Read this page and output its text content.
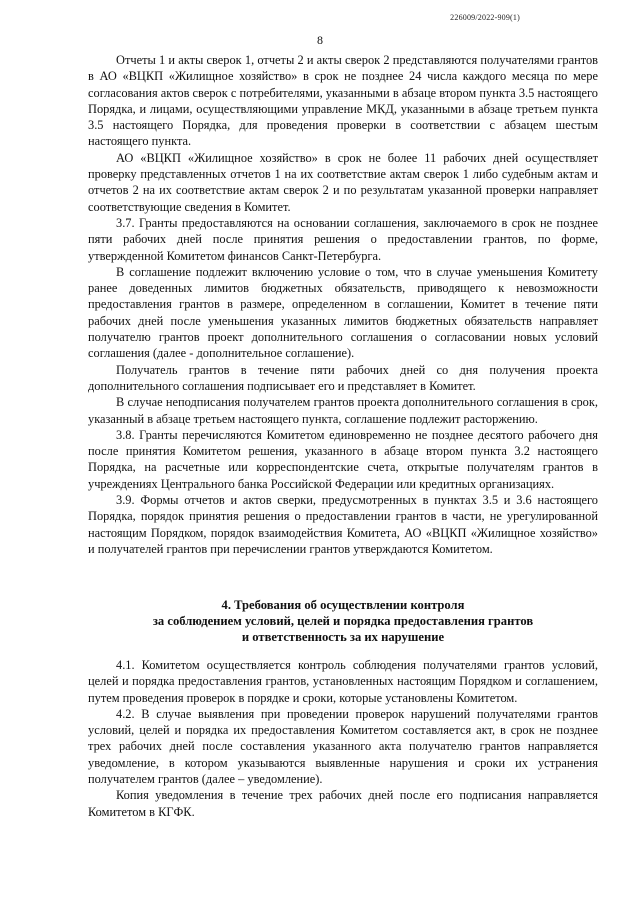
226009/2022-909(1)
8

Отчеты 1 и акты сверок 1, отчеты 2 и акты сверок 2 представляются получателями грантов в АО «ВЦКП «Жилищное хозяйство» в срок не позднее 24 числа каждого месяца по мере согласования актов сверок с потребителями, указанными в абзаце втором пункта 3.5 настоящего Порядка, и лицами, осуществляющими управление МКД, указанными в абзаце третьем пункта 3.5 настоящего Порядка, для проведения проверки в соответствии с абзацем шестым настоящего пункта.

АО «ВЦКП «Жилищное хозяйство» в срок не более 11 рабочих дней осуществляет проверку представленных отчетов 1 на их соответствие актам сверок 1 либо судебным актам и отчетов 2 на их соответствие актам сверок 2 и по результатам указанной проверки направляет соответствующие сведения в Комитет.

3.7. Гранты предоставляются на основании соглашения, заключаемого в срок не позднее пяти рабочих дней после принятия решения о предоставлении грантов, по форме, утвержденной Комитетом финансов Санкт-Петербурга.

В соглашение подлежит включению условие о том, что в случае уменьшения Комитету ранее доведенных лимитов бюджетных обязательств, приводящего к невозможности предоставления грантов в размере, определенном в соглашении, Комитет в течение пяти рабочих дней после уменьшения указанных лимитов бюджетных обязательств направляет получателю грантов проект дополнительного соглашения о согласовании новых условий соглашения (далее - дополнительное соглашение).

Получатель грантов в течение пяти рабочих дней со дня получения проекта дополнительного соглашения подписывает его и представляет в Комитет.

В случае неподписания получателем грантов проекта дополнительного соглашения в срок, указанный в абзаце третьем настоящего пункта, соглашение подлежит расторжению.

3.8. Гранты перечисляются Комитетом единовременно не позднее десятого рабочего дня после принятия Комитетом решения, указанного в абзаце втором пункта 3.2 настоящего Порядка, на расчетные или корреспондентские счета, открытые получателям грантов в учреждениях Центрального банка Российской Федерации или кредитных организациях.

3.9. Формы отчетов и актов сверки, предусмотренных в пунктах 3.5 и 3.6 настоящего Порядка, порядок принятия решения о предоставлении грантов в части, не урегулированной настоящим Порядком, порядок взаимодействия Комитета, АО «ВЦКП «Жилищное хозяйство» и получателей грантов при перечислении грантов утверждаются Комитетом.

4. Требования об осуществлении контроля
за соблюдением условий, целей и порядка предоставления грантов
и ответственность за их нарушение

4.1. Комитетом осуществляется контроль соблюдения получателями грантов условий, целей и порядка предоставления грантов, установленных настоящим Порядком и соглашением, путем проведения проверок в порядке и сроки, которые установлены Комитетом.

4.2. В случае выявления при проведении проверок нарушений получателями грантов условий, целей и порядка их предоставления Комитетом составляется акт, в срок не позднее трех рабочих дней после составления указанного акта получателю грантов направляется уведомление, в котором указываются выявленные нарушения и сроки их устранения получателем грантов (далее – уведомление).

Копия уведомления в течение трех рабочих дней после его подписания направляется Комитетом в КГФК.
